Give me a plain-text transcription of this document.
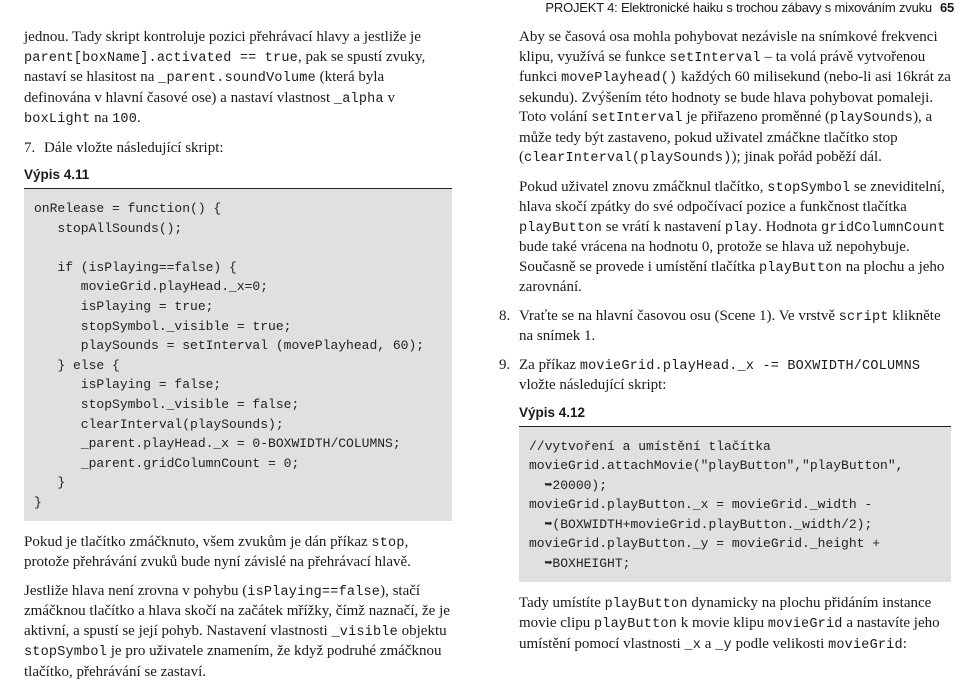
PROJEKT 4: Elektronické haiku s trochou zábavy s mixováním zvuku 65

jednou. Tady skript kontroluje pozici přehrávací hlavy a jestliže je parent[boxName].activated == true, pak se spustí zvuky, nastaví se hlasitost na _parent.soundVolume (která byla definována v hlavní časové ose) a nastaví vlastnost _alpha v boxLight na 100.

7. Dále vložte následující skript:
Výpis 4.11
onRelease = function() {
stopAllSounds();
if (isPlaying==false) {
movieGrid.playHead._x=0;
isPlaying = true;
stopSymbol._visible = true;
playSounds = setInterval (movePlayhead, 60);
} else {
isPlaying = false;
stopSymbol._visible = false;
clearInterval(playSounds);
_parent.playHead._x = 0-BOXWIDTH/COLUMNS;
_parent.gridColumnCount = 0;
}
}

Pokud je tlačítko zmáčknuto, všem zvukům je dán příkaz stop, protože přehrávání zvuků bude nyní závislé na přehrávací hlavě.

Jestliže hlava není zrovna v pohybu (isPlaying==false), stačí zmáčknou tlačítko a hlava skočí na začátek mřížky, čímž naznačí, že je aktivní, a spustí se její pohyb. Nastavení vlastnosti _visible objektu stopSymbol je pro uživatele znamením, že když podruhé zmáčknou tlačítko, přehrávání se zastaví.

Aby se časová osa mohla pohybovat nezávisle na snímkové frekvenci klipu, využívá se funkce setInterval – ta volá právě vytvořenou funkci movePlayhead() každých 60 milisekund (nebo-li asi 16krát za sekundu). Zvýšením této hodnoty se bude hlava pohybovat pomaleji. Toto volání setInterval je přiřazeno proměnné (playSounds), a může tedy být zastaveno, pokud uživatel zmáčkne tlačítko stop (clearInterval(playSounds)); jinak pořád poběží dál.

Pokud uživatel znovu zmáčknul tlačítko, stopSymbol se zneviditelní, hlava skočí zpátky do své odpočívací pozice a funkčnost tlačítka playButton se vrátí k nastavení play. Hodnota gridColumnCount bude také vrácena na hodnotu 0, protože se hlava už nepohybuje. Současně se provede i umístění tlačítka playButton na plochu a jeho zarovnání.

8. Vraťte se na hlavní časovou osu (Scene 1). Ve vrstvě script klikněte na snímek 1.
9. Za příkaz movieGrid.playHead._x -= BOXWIDTH/COLUMNS vložte následující skript:
Výpis 4.12
//vytvoření a umístění tlačítka
movieGrid.attachMovie("playButton","playButton",
➥20000);
movieGrid.playButton._x = movieGrid._width -
➥(BOXWIDTH+movieGrid.playButton._width/2);
movieGrid.playButton._y = movieGrid._height +
➥BOXHEIGHT;

Tady umístíte playButton dynamicky na plochu přidáním instance movie clipu playButton k movie klipu movieGrid a nastavíte jeho umístění pomocí vlastnosti _x a _y podle velikosti movieGrid:
